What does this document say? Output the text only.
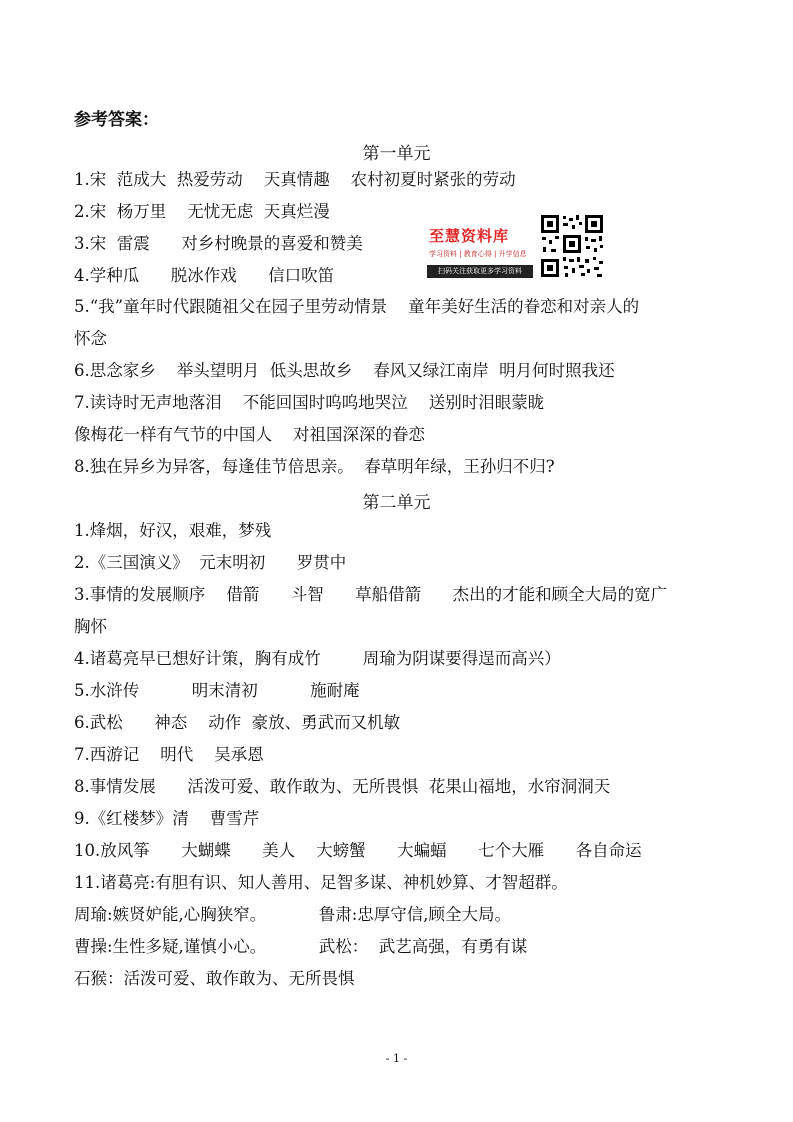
参考答案：
第一单元
1.宋  范成大  热爱劳动    天真情趣    农村初夏时紧张的劳动
2.宋  杨万里    无忧无虑  天真烂漫
3.宋  雷震      对乡村晚景的喜爱和赞美
4.学种瓜      脱冰作戏      信口吹笛
5.“我”童年时代跟随祖父在园子里劳动情景    童年美好生活的眷恋和对亲人的
怀念
6.思念家乡    举头望明月  低头思故乡    春风又绿江南岸  明月何时照我还
7.读诗时无声地落泪    不能回国时呜呜地哭泣    送别时泪眼蒙眬
像梅花一样有气节的中国人    对祖国深深的眷恋
8.独在异乡为异客，每逢佳节倍思亲。  春草明年绿，王孙归不归?
第二单元
1.烽烟，好汉，艰难，梦残
2.《三国演义》  元末明初      罗贯中
3.事情的发展顺序    借箭      斗智      草船借箭      杰出的才能和顾全大局的宽广
胸怀
4.诸葛亮早已想好计策，胸有成竹        周瑜为阴谋要得逞而高兴）
5.水浒传          明末清初          施耐庵
6.武松      神态    动作  豪放、勇武而又机敏
7.西游记    明代    吴承恩
8.事情发展      活泼可爱、敢作敢为、无所畏惧  花果山福地，水帘洞洞天
9.《红楼梦》清    曹雪芹
10.放风筝      大蝴蝶      美人    大螃蟹      大蝙蝠      七个大雁      各自命运
11.诸葛亮:有胆有识、知人善用、足智多谋、神机妙算、才智超群。
周瑜:嫉贤妒能,心胸狭窄。          鲁肃:忠厚守信,顾全大局。
曹操:生性多疑,谨慎小心。          武松：  武艺高强，有勇有谋
石猴：活泼可爱、敢作敢为、无所畏惧
至慧资料库
学习资料 | 教育心得 | 升学信息
扫码关注获取更多学习资料
- 1 -
